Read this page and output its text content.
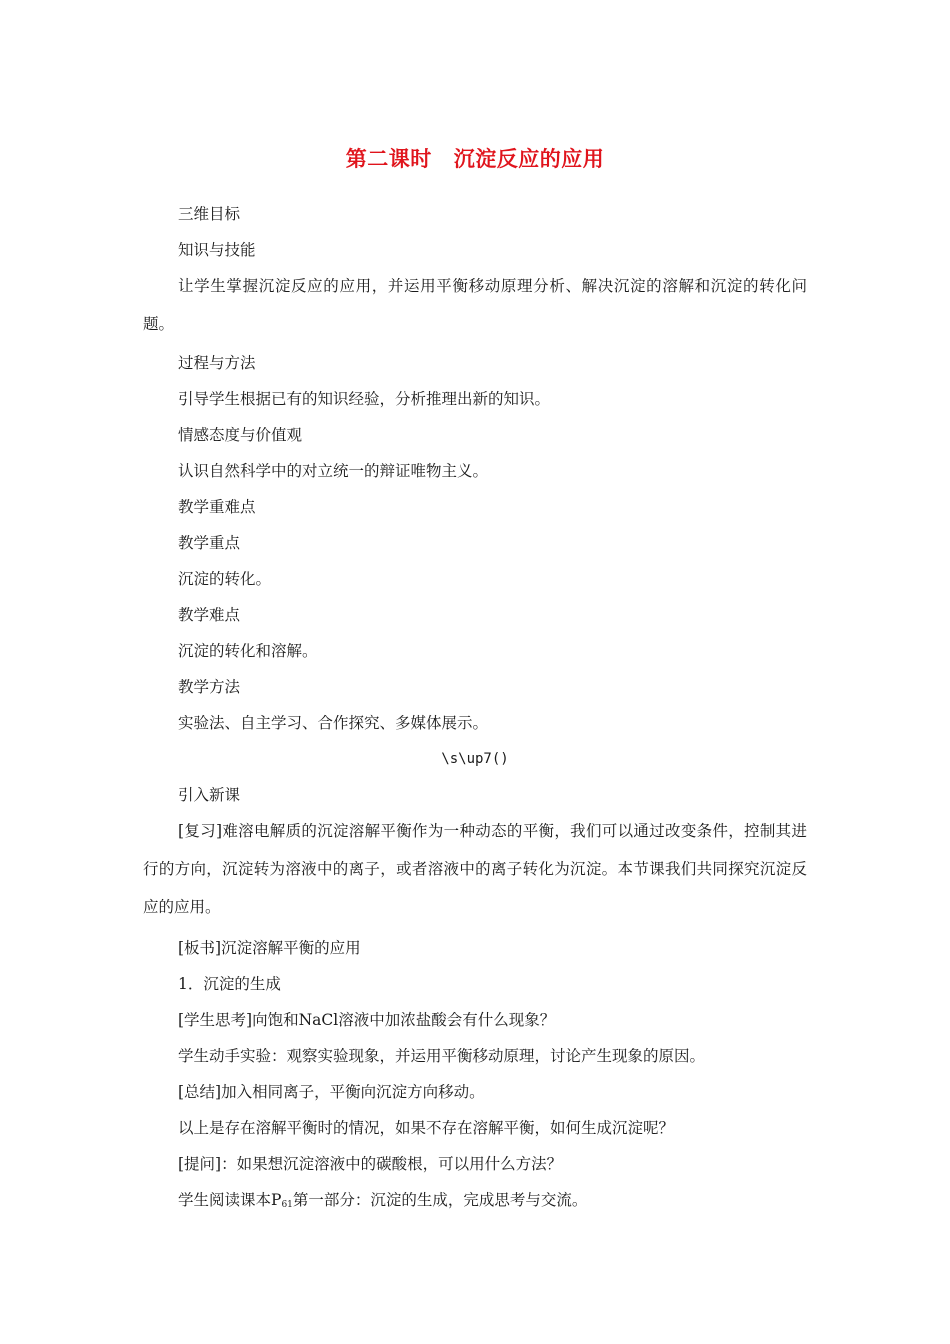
第二课时 沉淀反应的应用
三维目标
知识与技能
让学生掌握沉淀反应的应用，并运用平衡移动原理分析、解决沉淀的溶解和沉淀的转化问题。
过程与方法
引导学生根据已有的知识经验，分析推理出新的知识。
情感态度与价值观
认识自然科学中的对立统一的辩证唯物主义。
教学重难点
教学重点
沉淀的转化。
教学难点
沉淀的转化和溶解。
教学方法
实验法、自主学习、合作探究、多媒体展示。
\s\up7()
引入新课
[复习]难溶电解质的沉淀溶解平衡作为一种动态的平衡，我们可以通过改变条件，控制其进行的方向，沉淀转为溶液中的离子，或者溶液中的离子转化为沉淀。本节课我们共同探究沉淀反应的应用。
[板书]沉淀溶解平衡的应用
1．沉淀的生成
[学生思考]向饱和NaCl溶液中加浓盐酸会有什么现象？
学生动手实验：观察实验现象，并运用平衡移动原理，讨论产生现象的原因。
[总结]加入相同离子，平衡向沉淀方向移动。
以上是存在溶解平衡时的情况，如果不存在溶解平衡，如何生成沉淀呢？
[提问]：如果想沉淀溶液中的碳酸根，可以用什么方法？
学生阅读课本$P_{61}$第一部分：沉淀的生成，完成思考与交流。
